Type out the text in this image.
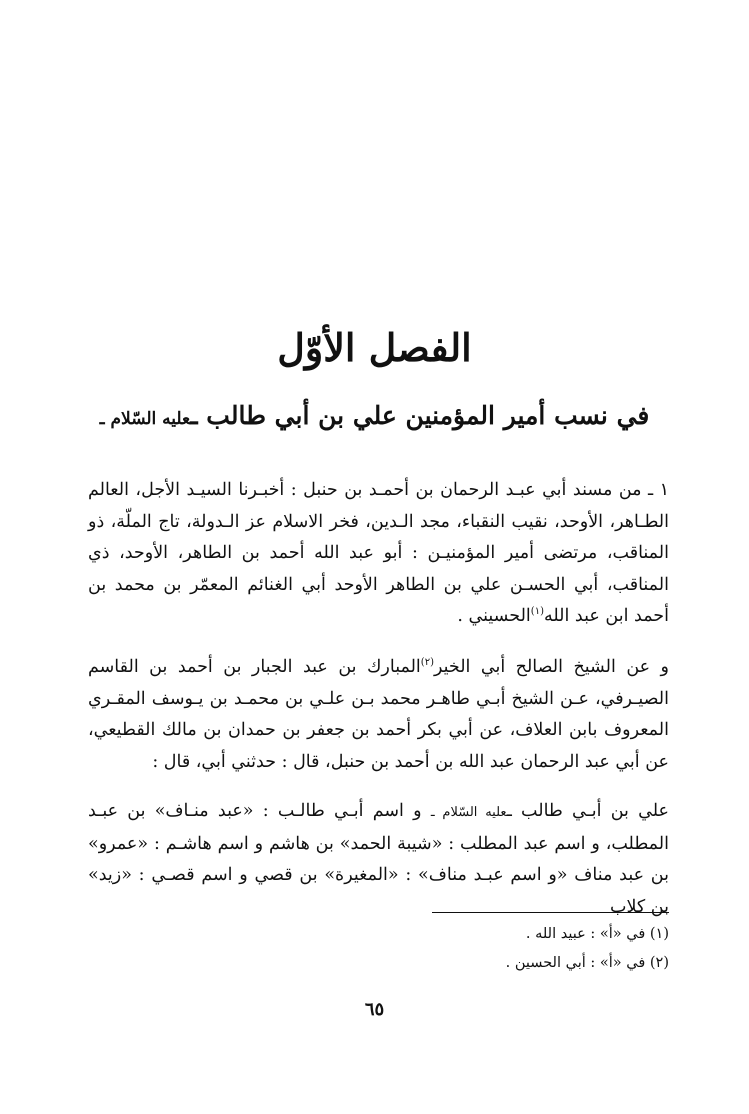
الفصل الأوّل
في نسب أمير المؤمنين علي بن أبي طالب ـعليه السّلام ـ

١ ـ من مسند أبي عبـد الرحمان بن أحمـد بن حنبل : أخبـرنا السيـد الأجل، العالم الطـاهر، الأوحد، نقيب النقباء، مجد الـدين، فخر الاسلام عز الـدولة، تاج الملّة، ذو المناقب، مرتضى أمير المؤمنيـن : أبو عبد الله أحمد بن الطاهر، الأوحد، ذي المناقب، أبي الحسـن علي بن الطاهر الأوحد أبي الغنائم المعمّر بن محمد بن أحمد ابن عبد الله$^{(١)}$الحسيني .

و عن الشيخ الصالح أبي الخير$^{(٢)}$المبارك بن عبد الجبار بن أحمد بن القاسم الصيـرفي، عـن الشيخ أبـي طاهـر محمد بـن علـي بن محمـد بن يـوسف المقـري المعروف بابن العلاف، عن أبي بكر أحمد بن جعفر بن حمدان بن مالك القطيعي، عن أبي عبد الرحمان عبد الله بن أحمد بن حنبل، قال : حدثني أبي، قال :

علي بن أبـي طالب ـعليه السّلام ـ و اسم أبـي طالـب : «عبد منـاف» بن عبـد المطلب، و اسم عبد المطلب : «شيبة الحمد» بن هاشم و اسم هاشـم : «عمرو» بن عبد مناف «و اسم عبـد مناف» : «المغيرة» بن قصي و اسم قصـي : «زيد» بن كلاب

(١) في «أ» : عبيد الله .

(٢) في «أ» : أبي الحسين .

٦٥
